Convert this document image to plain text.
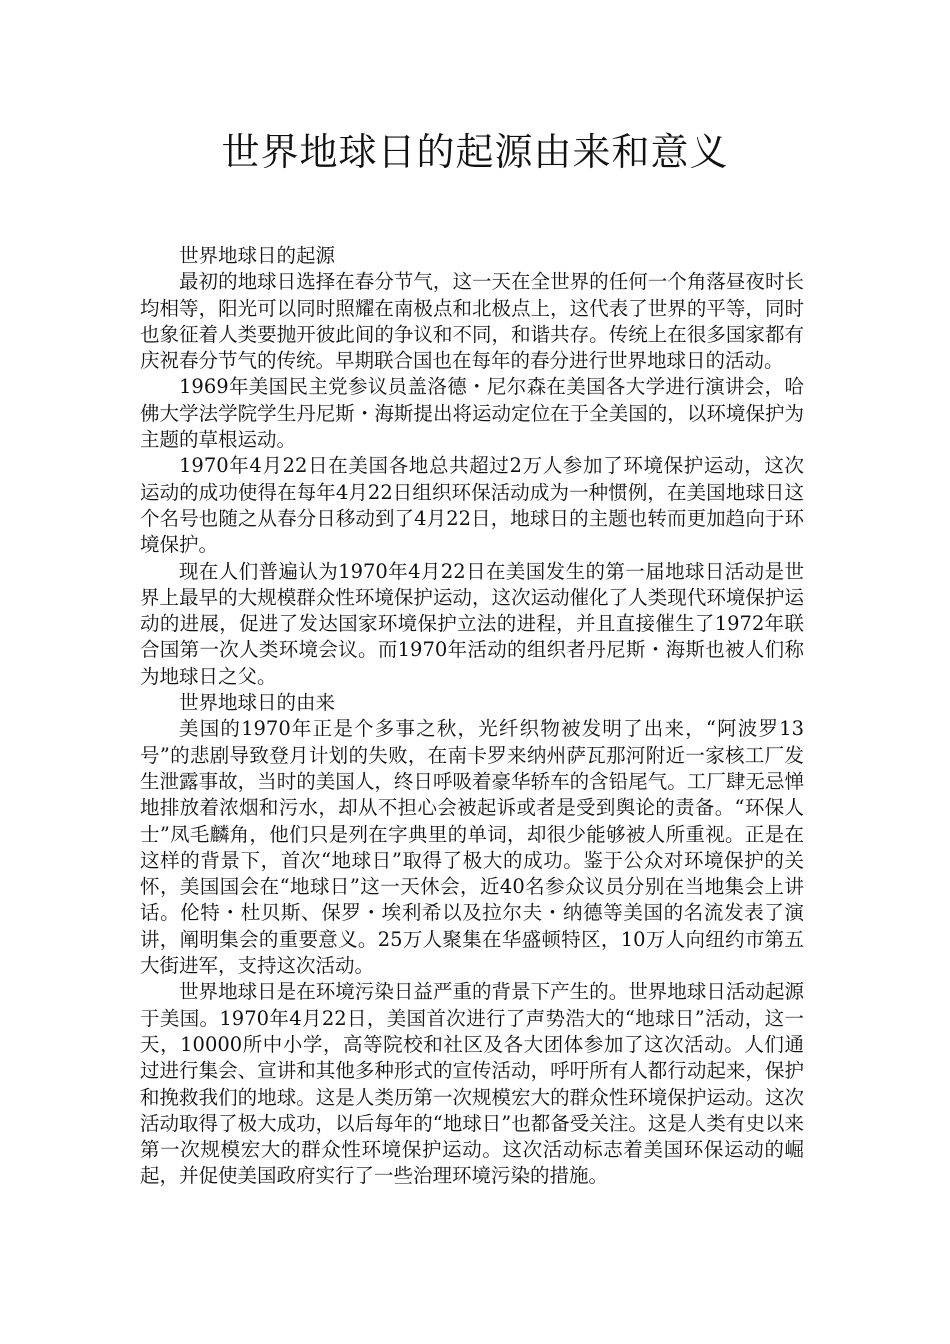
世界地球日的起源由来和意义

世界地球日的起源

最初的地球日选择在春分节气，这一天在全世界的任何一个角落昼夜时长均相等，阳光可以同时照耀在南极点和北极点上，这代表了世界的平等，同时也象征着人类要抛开彼此间的争议和不同，和谐共存。传统上在很多国家都有庆祝春分节气的传统。早期联合国也在每年的春分进行世界地球日的活动。

1969年美国民主党参议员盖洛德・尼尔森在美国各大学进行演讲会，哈佛大学法学院学生丹尼斯・海斯提出将运动定位在于全美国的，以环境保护为主题的草根运动。

1970年4月22日在美国各地总共超过2万人参加了环境保护运动，这次运动的成功使得在每年4月22日组织环保活动成为一种惯例，在美国地球日这个名号也随之从春分日移动到了4月22日，地球日的主题也转而更加趋向于环境保护。

现在人们普遍认为1970年4月22日在美国发生的第一届地球日活动是世界上最早的大规模群众性环境保护运动，这次运动催化了人类现代环境保护运动的进展，促进了发达国家环境保护立法的进程，并且直接催生了1972年联合国第一次人类环境会议。而1970年活动的组织者丹尼斯・海斯也被人们称为地球日之父。

世界地球日的由来

美国的1970年正是个多事之秋，光纤织物被发明了出来，“阿波罗13号”的悲剧导致登月计划的失败，在南卡罗来纳州萨瓦那河附近一家核工厂发生泄露事故，当时的美国人，终日呼吸着豪华轿车的含铅尾气。工厂肆无忌惮地排放着浓烟和污水，却从不担心会被起诉或者是受到舆论的责备。“环保人士”凤毛麟角，他们只是列在字典里的单词，却很少能够被人所重视。正是在这样的背景下，首次“地球日”取得了极大的成功。鉴于公众对环境保护的关怀，美国国会在“地球日”这一天休会，近40名参众议员分别在当地集会上讲话。伦特・杜贝斯、保罗・埃利希以及拉尔夫・纳德等美国的名流发表了演讲，阐明集会的重要意义。25万人聚集在华盛顿特区，10万人向纽约市第五大街进军，支持这次活动。

世界地球日是在环境污染日益严重的背景下产生的。世界地球日活动起源于美国。1970年4月22日，美国首次进行了声势浩大的“地球日”活动，这一天，10000所中小学，高等院校和社区及各大团体参加了这次活动。人们通过进行集会、宣讲和其他多种形式的宣传活动，呼吁所有人都行动起来，保护和挽救我们的地球。这是人类历第一次规模宏大的群众性环境保护运动。这次活动取得了极大成功，以后每年的“地球日”也都备受关注。这是人类有史以来第一次规模宏大的群众性环境保护运动。这次活动标志着美国环保运动的崛起，并促使美国政府实行了一些治理环境污染的措施。
